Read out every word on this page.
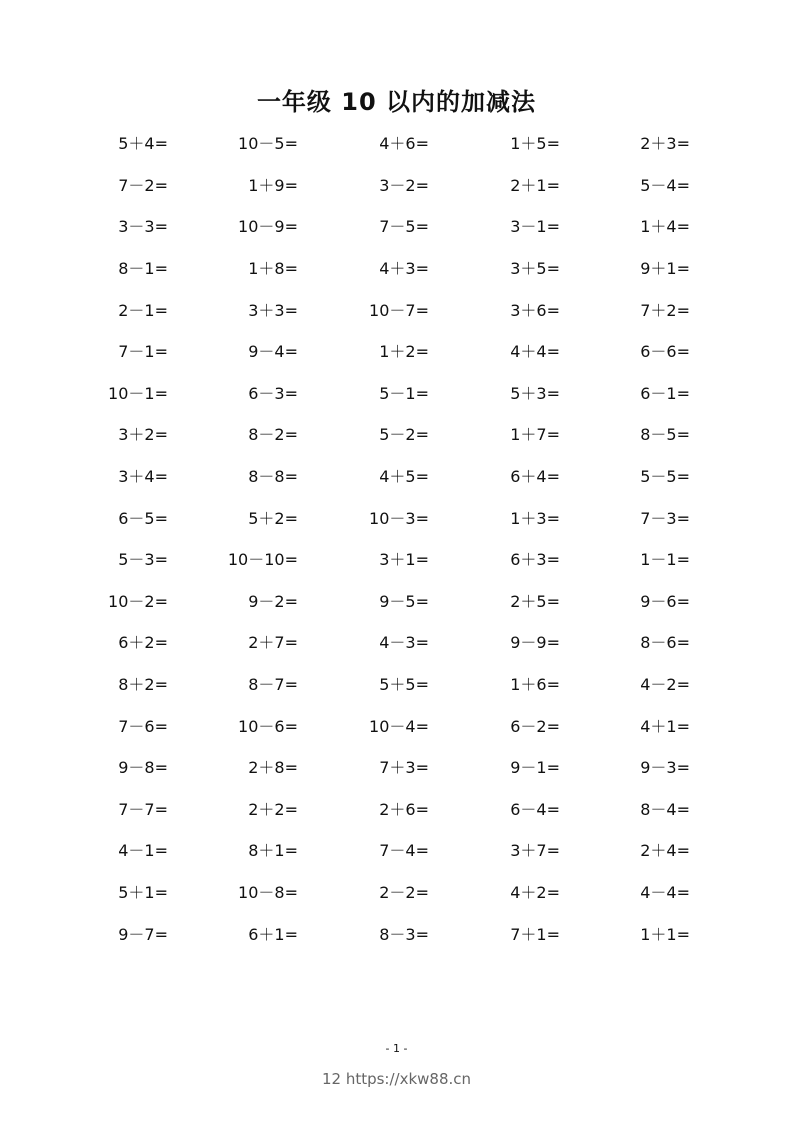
一年级 10 以内的加减法
5＋4=	10－5=	4＋6=	1＋5=	2＋3=
7－2=	1＋9=	3－2=	2＋1=	5－4=
3－3=	10－9=	7－5=	3－1=	1＋4=
8－1=	1＋8=	4＋3=	3＋5=	9＋1=
2－1=	3＋3=	10－7=	3＋6=	7＋2=
7－1=	9－4=	1＋2=	4＋4=	6－6=
10－1=	6－3=	5－1=	5＋3=	6－1=
3＋2=	8－2=	5－2=	1＋7=	8－5=
3＋4=	8－8=	4＋5=	6＋4=	5－5=
6－5=	5＋2=	10－3=	1＋3=	7－3=
5－3=	10－10=	3＋1=	6＋3=	1－1=
10－2=	9－2=	9－5=	2＋5=	9－6=
6＋2=	2＋7=	4－3=	9－9=	8－6=
8＋2=	8－7=	5＋5=	1＋6=	4－2=
7－6=	10－6=	10－4=	6－2=	4＋1=
9－8=	2＋8=	7＋3=	9－1=	9－3=
7－7=	2＋2=	2＋6=	6－4=	8－4=
4－1=	8＋1=	7－4=	3＋7=	2＋4=
5＋1=	10－8=	2－2=	4＋2=	4－4=
9－7=	6＋1=	8－3=	7＋1=	1＋1=
- 1 -
12 https://xkw88.cn
